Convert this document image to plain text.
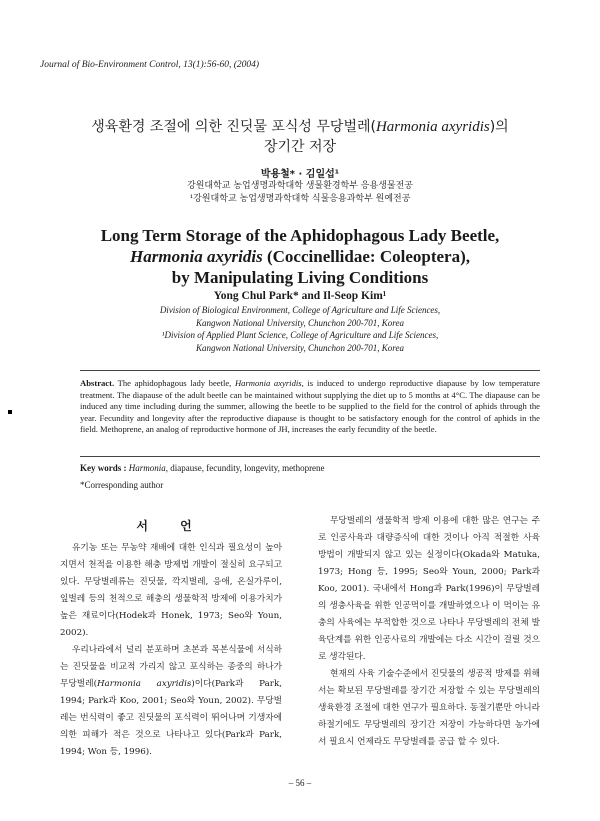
Journal of Bio-Environment Control, 13(1):56-60, (2004)
생육환경 조절에 의한 진딧물 포식성 무당벌레(Harmonia axyridis)의
장기간 저장
박용철* · 김일섭¹
강원대학교 농업생명과학대학 생물환경학부 응용생물전공
¹강원대학교 농업생명과학대학 식물응용과학부 원예전공
Long Term Storage of the Aphidophagous Lady Beetle,
Harmonia axyridis (Coccinellidae: Coleoptera),
by Manipulating Living Conditions
Yong Chul Park* and Il-Seop Kim¹
Division of Biological Environment, College of Agriculture and Life Sciences,
Kangwon National University, Chunchon 200-701, Korea
¹Division of Applied Plant Science, College of Agriculture and Life Sciences,
Kangwon National University, Chunchon 200-701, Korea
Abstract. The aphidophagous lady beetle, Harmonia axyridis, is induced to undergo reproductive diapause by low temperature treatment. The diapause of the adult beetle can be maintained without supplying the diet up to 5 months at 4°C. The diapause can be induced any time including during the summer, allowing the beetle to be supplied to the field for the control of aphids through the year. Fecundity and longevity after the reproductive diapause is thought to be satisfactory enough for the control of aphids in the field. Methoprene, an analog of reproductive hormone of JH, increases the early fecundity of the beetle.
Key words : Harmonia, diapause, fecundity, longevity, methoprene
*Corresponding author
서 언

유기농 또는 무농약 재배에 대한 인식과 필요성이 높아지면서 천적을 이용한 해충 방제법 개발이 절실히 요구되고 있다. 무당벌레류는 진딧물, 깍지벌레, 응애, 온실가루이, 잎벌레 등의 천적으로 해충의 생물학적 방제에 이용가치가 높은 재료이다(Hodek과 Honek, 1973; Seo와 Youn, 2002).

우리나라에서 널리 분포하며 초본과 목본식물에 서식하는 진딧물을 비교적 가리지 않고 포식하는 종중의 하나가 무당벌레(Harmonia axyridis)이다(Park과 Park, 1994; Park과 Koo, 2001; Seo와 Youn, 2002). 무당벌레는 번식력이 좋고 진딧물의 포식력이 뛰어나며 기생자에 의한 피해가 적은 것으로 나타나고 있다(Park과 Park, 1994; Won 등, 1996).

무당벌레의 생물학적 방제 이용에 대한 많은 연구는 주로 인공사육과 대량증식에 대한 것이나 아직 적절한 사육 방법이 개발되지 않고 있는 실정이다(Okada와 Matuka, 1973; Hong 등, 1995; Seo와 Youn, 2000; Park과 Koo, 2001). 국내에서 Hong과 Park(1996)이 무당벌레의 생충사육을 위한 인공먹이를 개발하였으나 이 먹이는 유충의 사육에는 부적합한 것으로 나타나 무당벌레의 전체 발육단계를 위한 인공사료의 개발에는 다소 시간이 걸릴 것으로 생각된다.

현재의 사육 기술수준에서 진딧물의 생공적 방제를 위해서는 확보된 무당벌레를 장기간 저장할 수 있는 무당벌레의 생육환경 조절에 대한 연구가 필요하다. 동절기뿐만 아니라 하절기에도 무당벌레의 장기간 저장이 가능하다면 농가에서 필요시 언제라도 무당벌레를 공급 할 수 있다.

– 56 –
